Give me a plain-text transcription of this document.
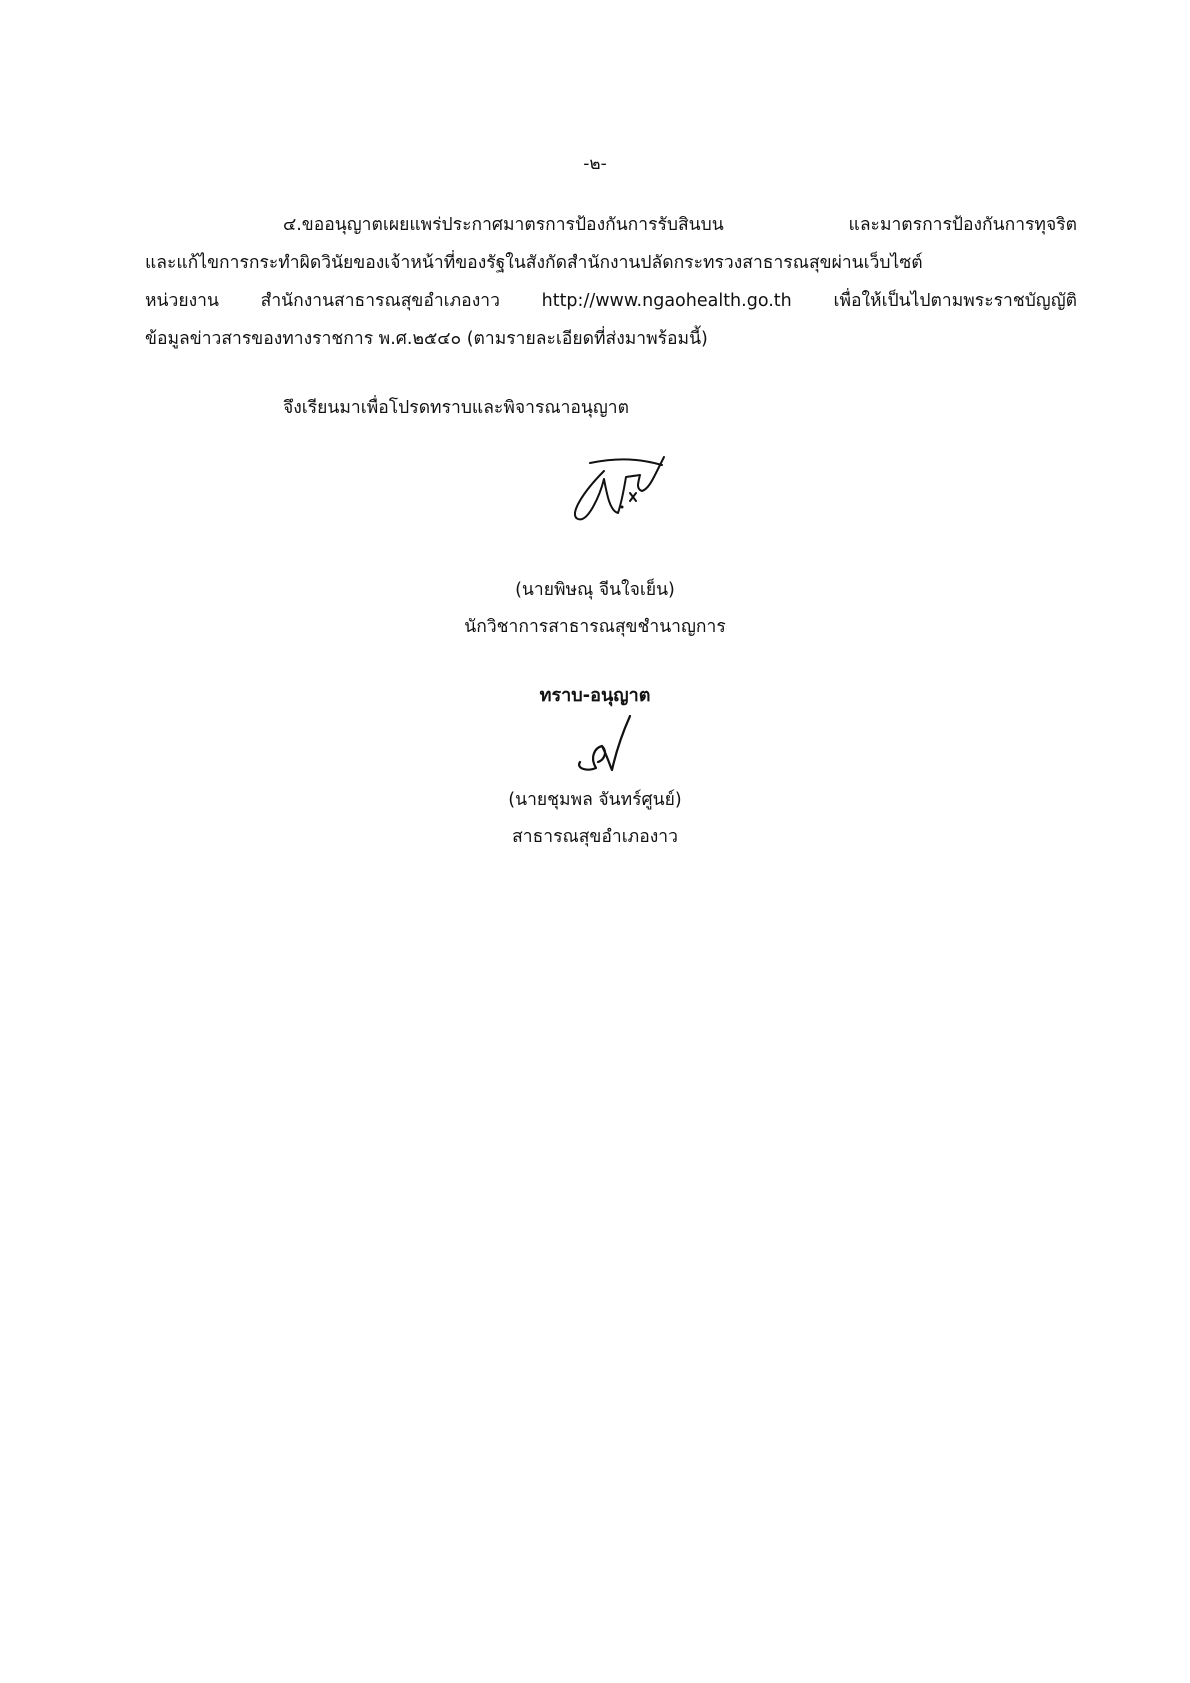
-๒-
๔.ขออนุญาตเผยแพร่ประกาศมาตรการป้องกันการรับสินบน และมาตรการป้องกันการทุจริต
และแก้ไขการกระทำผิดวินัยของเจ้าหน้าที่ของรัฐในสังกัดสำนักงานปลัดกระทรวงสาธารณสุขผ่านเว็บไซต์
หน่วยงาน สำนักงานสาธารณสุขอำเภองาว http://www.ngaohealth.go.th เพื่อให้เป็นไปตามพระราชบัญญัติ
ข้อมูลข่าวสารของทางราชการ พ.ศ.๒๕๔๐ (ตามรายละเอียดที่ส่งมาพร้อมนี้)
จึงเรียนมาเพื่อโปรดทราบและพิจารณาอนุญาต
(นายพิษณุ จีนใจเย็น)
นักวิชาการสาธารณสุขชำนาญการ
ทราบ-อนุญาต
(นายชุมพล จันทร์ศูนย์)
สาธารณสุขอำเภองาว
